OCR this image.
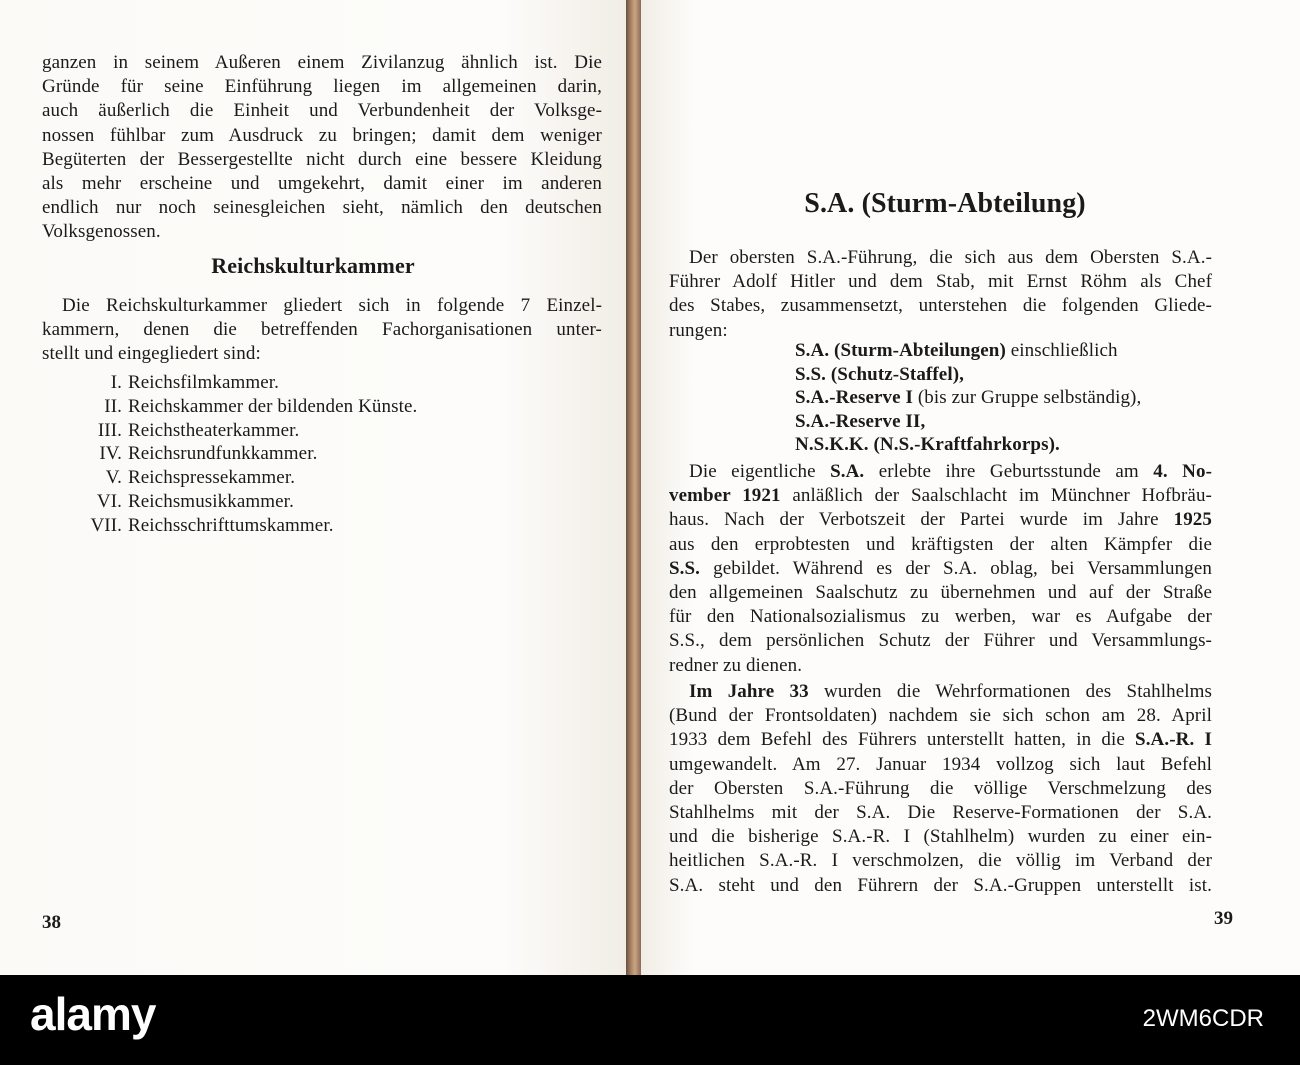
Reichskulturkammer
38
S.A. (Sturm-Abteilung)
39
alamy	2WM6CDR
ganzen in seinem Außeren einem Zivilanzug ähnlich ist. Die
Gründe für seine Einführung liegen im allgemeinen darin,
auch äußerlich die Einheit und Verbundenheit der Volksge-
nossen fühlbar zum Ausdruck zu bringen; damit dem weniger
Begüterten der Bessergestellte nicht durch eine bessere Kleidung
als mehr erscheine und umgekehrt, damit einer im anderen
endlich nur noch seinesgleichen sieht, nämlich den deutschen
Volksgenossen.
Die Reichskulturkammer gliedert sich in folgende 7 Einzel-
kammern, denen die betreffenden Fachorganisationen unter-
stellt und eingegliedert sind:
I. Reichsfilmkammer.
II. Reichskammer der bildenden Künste.
III. Reichstheaterkammer.
IV. Reichsrundfunkkammer.
V. Reichspressekammer.
VI. Reichsmusikkammer.
VII. Reichsschrifttumskammer.
Der obersten S.A.-Führung, die sich aus dem Obersten S.A.-
Führer Adolf Hitler und dem Stab, mit Ernst Röhm als Chef
des Stabes, zusammensetzt, unterstehen die folgenden Gliede-
rungen:
S.A. (Sturm-Abteilungen) einschließlich
S.S. (Schutz-Staffel),
S.A.-Reserve I (bis zur Gruppe selbständig),
S.A.-Reserve II,
N.S.K.K. (N.S.-Kraftfahrkorps).
Die eigentliche S.A. erlebte ihre Geburtsstunde am 4. No-
vember 1921 anläßlich der Saalschlacht im Münchner Hofbräu-
haus. Nach der Verbotszeit der Partei wurde im Jahre 1925
aus den erprobtesten und kräftigsten der alten Kämpfer die
S.S. gebildet. Während es der S.A. oblag, bei Versammlungen
den allgemeinen Saalschutz zu übernehmen und auf der Straße
für den Nationalsozialismus zu werben, war es Aufgabe der
S.S., dem persönlichen Schutz der Führer und Versammlungs-
redner zu dienen.
Im Jahre 33 wurden die Wehrformationen des Stahlhelms
(Bund der Frontsoldaten) nachdem sie sich schon am 28. April
1933 dem Befehl des Führers unterstellt hatten, in die S.A.-R. I
umgewandelt. Am 27. Januar 1934 vollzog sich laut Befehl
der Obersten S.A.-Führung die völlige Verschmelzung des
Stahlhelms mit der S.A. Die Reserve-Formationen der S.A.
und die bisherige S.A.-R. I (Stahlhelm) wurden zu einer ein-
heitlichen S.A.-R. I verschmolzen, die völlig im Verband der
S.A. steht und den Führern der S.A.-Gruppen unterstellt ist.
